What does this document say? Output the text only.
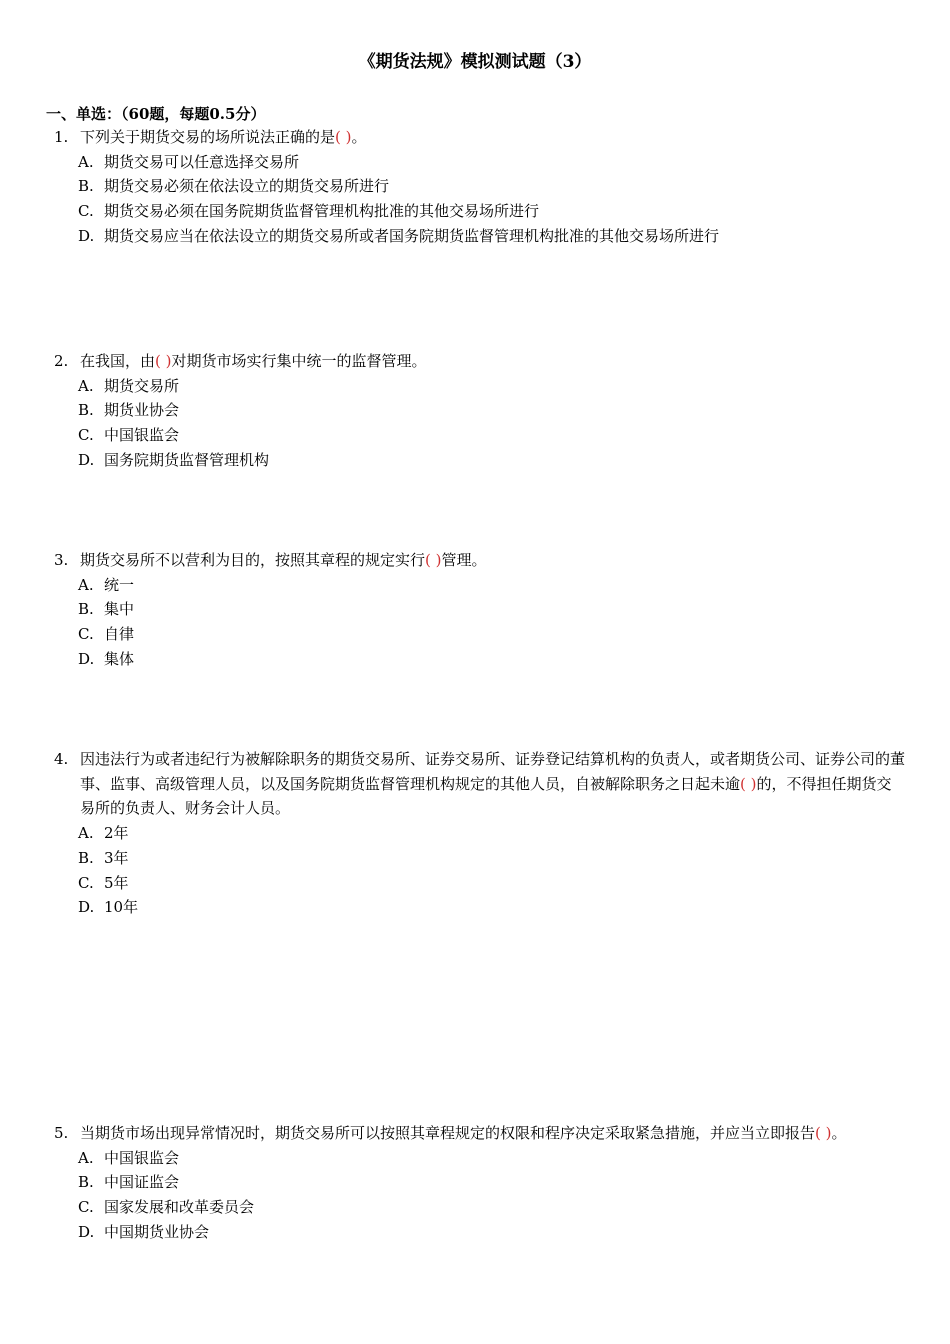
《期货法规》模拟测试题（3）
一、单选：（60题，每题0.5分）
1. 下列关于期货交易的场所说法正确的是( )。
A. 期货交易可以任意选择交易所
B. 期货交易必须在依法设立的期货交易所进行
C. 期货交易必须在国务院期货监督管理机构批准的其他交易场所进行
D. 期货交易应当在依法设立的期货交易所或者国务院期货监督管理机构批准的其他交易场所进行
2. 在我国，由( )对期货市场实行集中统一的监督管理。
A. 期货交易所
B. 期货业协会
C. 中国银监会
D. 国务院期货监督管理机构
3. 期货交易所不以营利为目的，按照其章程的规定实行( )管理。
A. 统一
B. 集中
C. 自律
D. 集体
4. 因违法行为或者违纪行为被解除职务的期货交易所、证券交易所、证券登记结算机构的负责人，或者期货公司、证券公司的董事、监事、高级管理人员，以及国务院期货监督管理机构规定的其他人员，自被解除职务之日起未逾( )的，不得担任期货交易所的负责人、财务会计人员。
A. 2年
B. 3年
C. 5年
D. 10年
5. 当期货市场出现异常情况时，期货交易所可以按照其章程规定的权限和程序决定采取紧急措施，并应当立即报告( )。
A. 中国银监会
B. 中国证监会
C. 国家发展和改革委员会
D. 中国期货业协会
